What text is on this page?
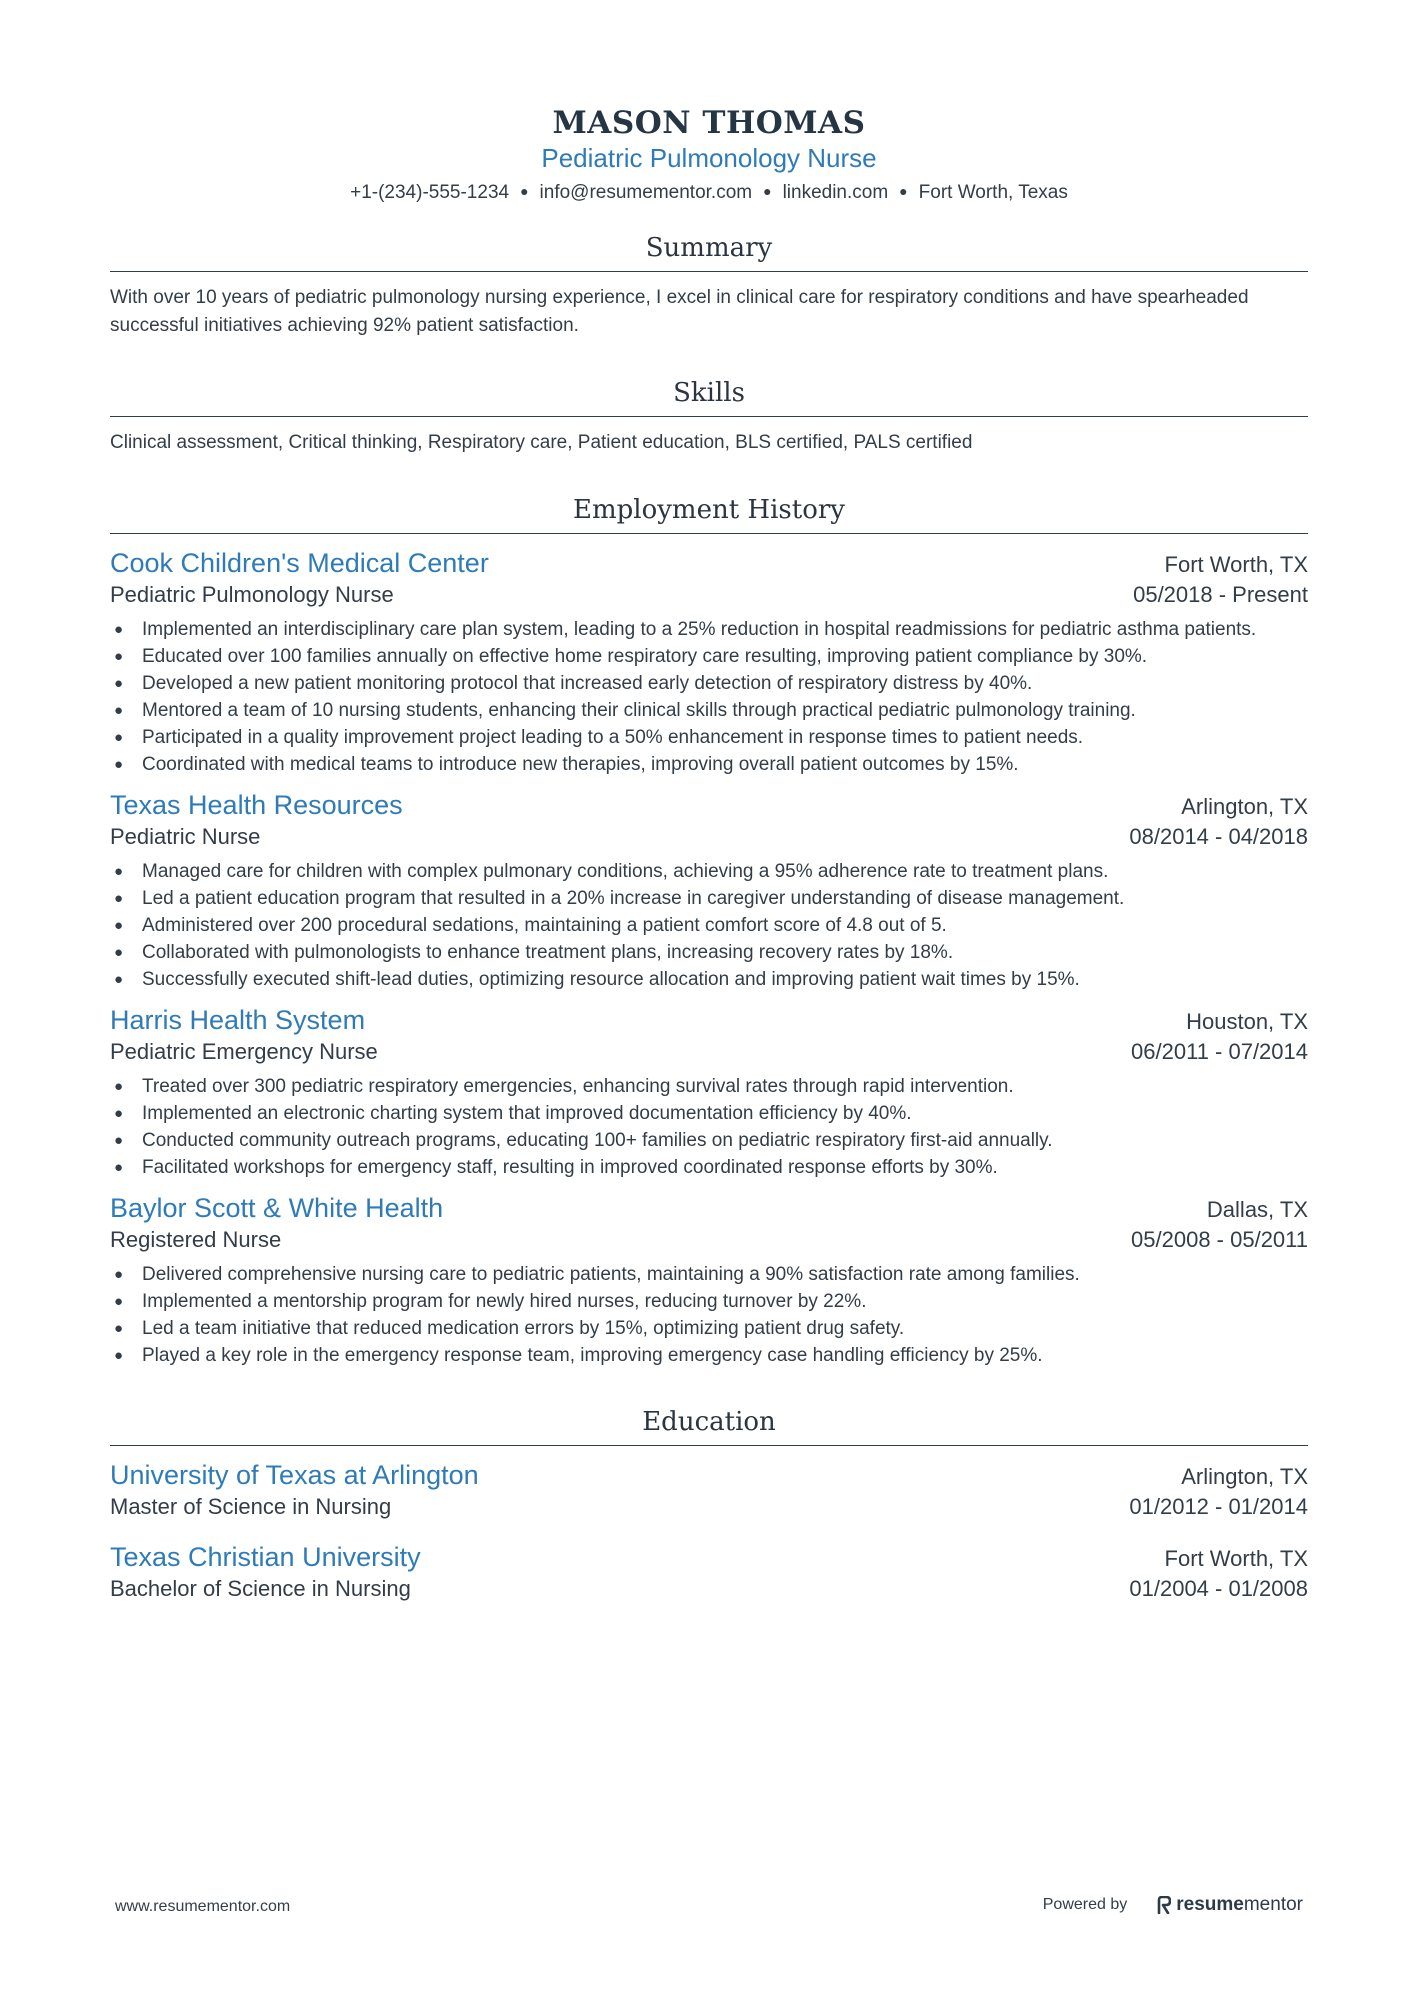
MASON THOMAS
Pediatric Pulmonology Nurse
+1-(234)-555-1234 ● info@resumementor.com ● linkedin.com ● Fort Worth, Texas
Summary
With over 10 years of pediatric pulmonology nursing experience, I excel in clinical care for respiratory conditions and have spearheaded successful initiatives achieving 92% patient satisfaction.
Skills
Clinical assessment, Critical thinking, Respiratory care, Patient education, BLS certified, PALS certified
Employment History
Cook Children's Medical Center	Fort Worth, TX
Pediatric Pulmonology Nurse	05/2018 - Present
● Implemented an interdisciplinary care plan system, leading to a 25% reduction in hospital readmissions for pediatric asthma patients.
● Educated over 100 families annually on effective home respiratory care resulting, improving patient compliance by 30%.
● Developed a new patient monitoring protocol that increased early detection of respiratory distress by 40%.
● Mentored a team of 10 nursing students, enhancing their clinical skills through practical pediatric pulmonology training.
● Participated in a quality improvement project leading to a 50% enhancement in response times to patient needs.
● Coordinated with medical teams to introduce new therapies, improving overall patient outcomes by 15%.
Texas Health Resources	Arlington, TX
Pediatric Nurse	08/2014 - 04/2018
● Managed care for children with complex pulmonary conditions, achieving a 95% adherence rate to treatment plans.
● Led a patient education program that resulted in a 20% increase in caregiver understanding of disease management.
● Administered over 200 procedural sedations, maintaining a patient comfort score of 4.8 out of 5.
● Collaborated with pulmonologists to enhance treatment plans, increasing recovery rates by 18%.
● Successfully executed shift-lead duties, optimizing resource allocation and improving patient wait times by 15%.
Harris Health System	Houston, TX
Pediatric Emergency Nurse	06/2011 - 07/2014
● Treated over 300 pediatric respiratory emergencies, enhancing survival rates through rapid intervention.
● Implemented an electronic charting system that improved documentation efficiency by 40%.
● Conducted community outreach programs, educating 100+ families on pediatric respiratory first-aid annually.
● Facilitated workshops for emergency staff, resulting in improved coordinated response efforts by 30%.
Baylor Scott & White Health	Dallas, TX
Registered Nurse	05/2008 - 05/2011
● Delivered comprehensive nursing care to pediatric patients, maintaining a 90% satisfaction rate among families.
● Implemented a mentorship program for newly hired nurses, reducing turnover by 22%.
● Led a team initiative that reduced medication errors by 15%, optimizing patient drug safety.
● Played a key role in the emergency response team, improving emergency case handling efficiency by 25%.
Education
University of Texas at Arlington	Arlington, TX
Master of Science in Nursing	01/2012 - 01/2014
Texas Christian University	Fort Worth, TX
Bachelor of Science in Nursing	01/2004 - 01/2008
www.resumementor.com	Powered by	resume mentor
